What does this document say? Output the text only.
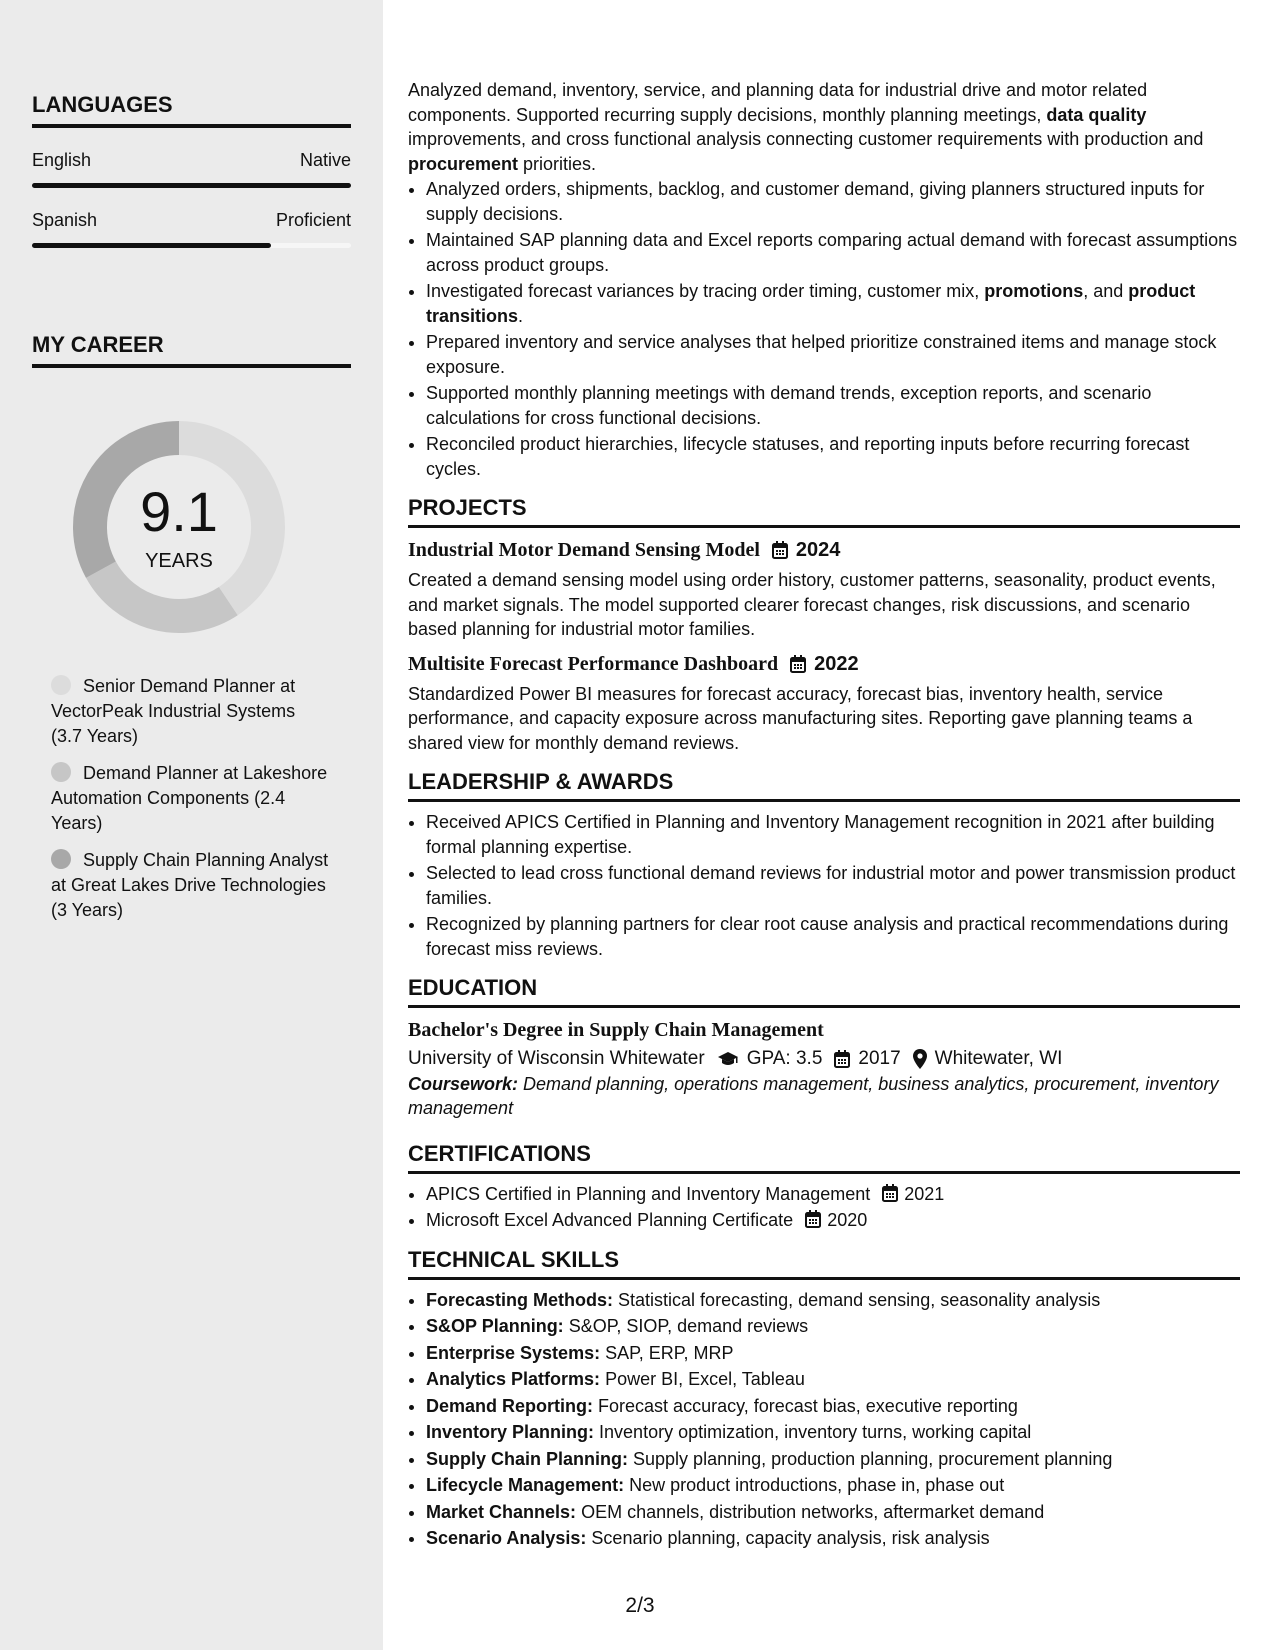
LANGUAGES
English	Native
Spanish	Proficient
MY CAREER
9.1
YEARS
Senior Demand Planner at VectorPeak Industrial Systems (3.7 Years)
Demand Planner at Lakeshore Automation Components (2.4 Years)
Supply Chain Planning Analyst at Great Lakes Drive Technologies (3 Years)

Analyzed demand, inventory, service, and planning data for industrial drive and motor related components. Supported recurring supply decisions, monthly planning meetings, data quality improvements, and cross functional analysis connecting customer requirements with production and procurement priorities.

• Analyzed orders, shipments, backlog, and customer demand, giving planners structured inputs for supply decisions.
• Maintained SAP planning data and Excel reports comparing actual demand with forecast assumptions across product groups.
• Investigated forecast variances by tracing order timing, customer mix, promotions, and product transitions.
• Prepared inventory and service analyses that helped prioritize constrained items and manage stock exposure.
• Supported monthly planning meetings with demand trends, exception reports, and scenario calculations for cross functional decisions.
• Reconciled product hierarchies, lifecycle statuses, and reporting inputs before recurring forecast cycles.
PROJECTS
Industrial Motor Demand Sensing Model 2024

Created a demand sensing model using order history, customer patterns, seasonality, product events, and market signals. The model supported clearer forecast changes, risk discussions, and scenario based planning for industrial motor families.

Multisite Forecast Performance Dashboard 2022

Standardized Power BI measures for forecast accuracy, forecast bias, inventory health, service performance, and capacity exposure across manufacturing sites. Reporting gave planning teams a shared view for monthly demand reviews.

LEADERSHIP & AWARDS
• Received APICS Certified in Planning and Inventory Management recognition in 2021 after building formal planning expertise.
• Selected to lead cross functional demand reviews for industrial motor and power transmission product families.
• Recognized by planning partners for clear root cause analysis and practical recommendations during forecast miss reviews.
EDUCATION
Bachelor's Degree in Supply Chain Management
University of Wisconsin Whitewater GPA: 3.5 2017 Whitewater, WI

Coursework: Demand planning, operations management, business analytics, procurement, inventory management

CERTIFICATIONS
• APICS Certified in Planning and Inventory Management 2021
• Microsoft Excel Advanced Planning Certificate 2020
TECHNICAL SKILLS
• Forecasting Methods: Statistical forecasting, demand sensing, seasonality analysis
• S&OP Planning: S&OP, SIOP, demand reviews
• Enterprise Systems: SAP, ERP, MRP
• Analytics Platforms: Power BI, Excel, Tableau
• Demand Reporting: Forecast accuracy, forecast bias, executive reporting
• Inventory Planning: Inventory optimization, inventory turns, working capital
• Supply Chain Planning: Supply planning, production planning, procurement planning
• Lifecycle Management: New product introductions, phase in, phase out
• Market Channels: OEM channels, distribution networks, aftermarket demand
• Scenario Analysis: Scenario planning, capacity analysis, risk analysis
2/3
